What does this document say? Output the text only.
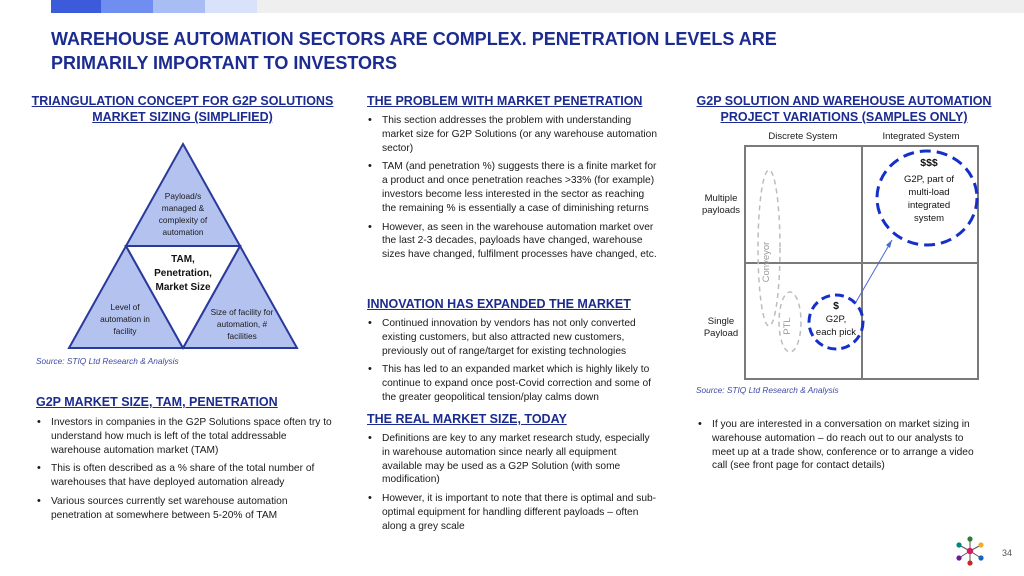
WAREHOUSE AUTOMATION SECTORS ARE COMPLEX. PENETRATION LEVELS ARE
PRIMARILY IMPORTANT TO INVESTORS
TRIANGULATION CONCEPT FOR G2P SOLUTIONS
MARKET SIZING (SIMPLIFIED)
Payload/s
managed &
complexity of
automation
Level of
automation in
facility
Size of facility for
automation, #
facilities
TAM,
Penetration,
Market Size
Source: STIQ Ltd Research & Analysis
G2P MARKET SIZE, TAM, PENETRATION
• Investors in companies in the G2P Solutions space often try to understand how much is left of the total addressable warehouse automation market (TAM)
• This is often described as a % share of the total number of warehouses that have deployed automation already
• Various sources currently set warehouse automation penetration at somewhere between 5-20% of TAM
THE PROBLEM WITH MARKET PENETRATION
• This section addresses the problem with understanding market size for G2P Solutions (or any warehouse automation sector)
• TAM (and penetration %) suggests there is a finite market for a product and once penetration reaches >33% (for example) investors become less interested in the sector as reaching the remaining % is essentially a case of diminishing returns
• However, as seen in the warehouse automation market over the last 2-3 decades, payloads have changed, warehouse sizes have changed, fulfilment processes have changed, etc.
INNOVATION HAS EXPANDED THE MARKET
• Continued innovation by vendors has not only converted existing customers, but also attracted new customers, previously out of range/target for existing technologies
• This has led to an expanded market which is highly likely to continue to expand once post-Covid correction and some of the greater geopolitical tension/play calms down
THE REAL MARKET SIZE, TODAY
• Definitions are key to any market research study, especially in warehouse automation since nearly all equipment available may be used as a G2P Solution (with some modification)
• However, it is important to note that there is optimal and sub-optimal equipment for handling different payloads – often along a grey scale
G2P SOLUTION AND WAREHOUSE AUTOMATION
PROJECT VARIATIONS (SAMPLES ONLY)
Discrete System	Integrated System
Multiple
payloads
Single
Payload
Conveyor
PTL
$$$
G2P, part of
multi-load
integrated
system
$
G2P,
each pick
Source: STIQ Ltd Research & Analysis
• If you are interested in a conversation on market sizing in warehouse automation – do reach out to our analysts to meet up at a trade show, conference or to arrange a video call (see front page for contact details)
34
